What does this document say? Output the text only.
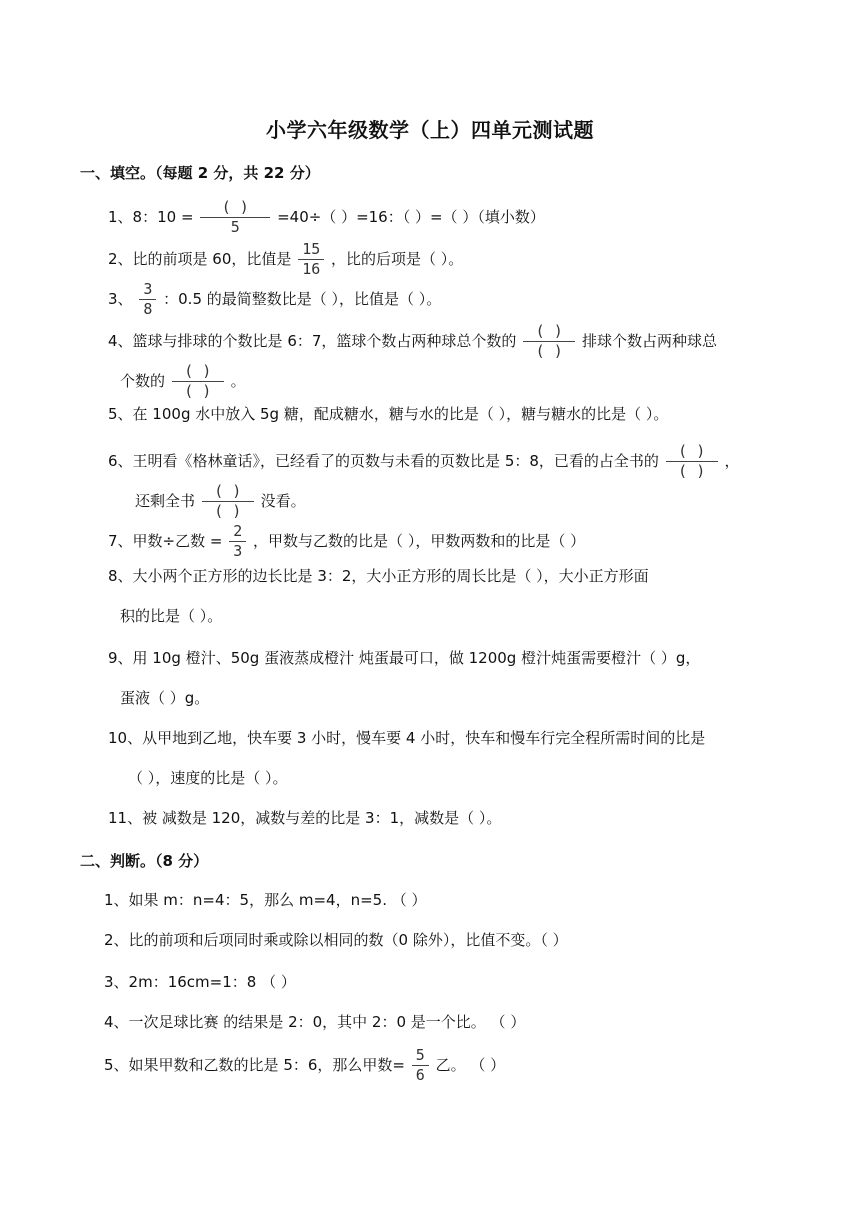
小学六年级数学（上）四单元测试题
一、填空。（每题 2 分，共 22 分）
1、8：$10 = \frac{( )}{5} =40\div$（ ）=16：（ ）=（ ）（填小数）
2、比的前项是 60，比值是 $\frac{15}{16}$ ，比的后项是（ ）。
3、 $\frac{3}{8}$ ：0.5 的最简整数比是（ ），比值是（ ）。
4、篮球与排球的个数比是 6：7，篮球个数占两种球总个数的 $\frac{( )}{( )}$ 排球个数占两种球总
个数的 $\frac{( )}{( )}$ 。
5、在 100g 水中放入 5g 糖，配成糖水，糖与水的比是（ ），糖与糖水的比是（ ）。
6、王明看《格林童话》，已经看了的页数与未看的页数比是 5：8，已看的占全书的 $\frac{( )}{( )}$ ，
还剩全书 $\frac{( )}{( )}$ 没看。
7、甲数÷乙数 = $\frac{2}{3}$ ，甲数与乙数的比是（ ），甲数两数和的比是（ ）
8、大小两个正方形的边长比是 3：2，大小正方形的周长比是（ ），大小正方形面
积的比是（ ）。
9、用 10g 橙汁、50g 蛋液蒸成橙汁 炖蛋最可口，做 1200g 橙汁炖蛋需要橙汁（ ）g，
蛋液（ ）g。
10、从甲地到乙地，快车要 3 小时，慢车要 4 小时，快车和慢车行完全程所需时间的比是
（ ），速度的比是（ ）。
11、被 减数是 120，减数与差的比是 3：1，减数是（ ）。
二、判断。（8 分）
1、如果 m：n=4：5，那么 m=4，n=5. （ ）
2、比的前项和后项同时乘或除以相同的数（0 除外），比值不变。（ ）
3、2m：16cm=1：8 （ ）
4、一次足球比赛 的结果是 2：0，其中 2：0 是一个比。 （ ）
5、如果甲数和乙数的比是 5：6，那么甲数= $\frac{5}{6}$ 乙。 （ ）
